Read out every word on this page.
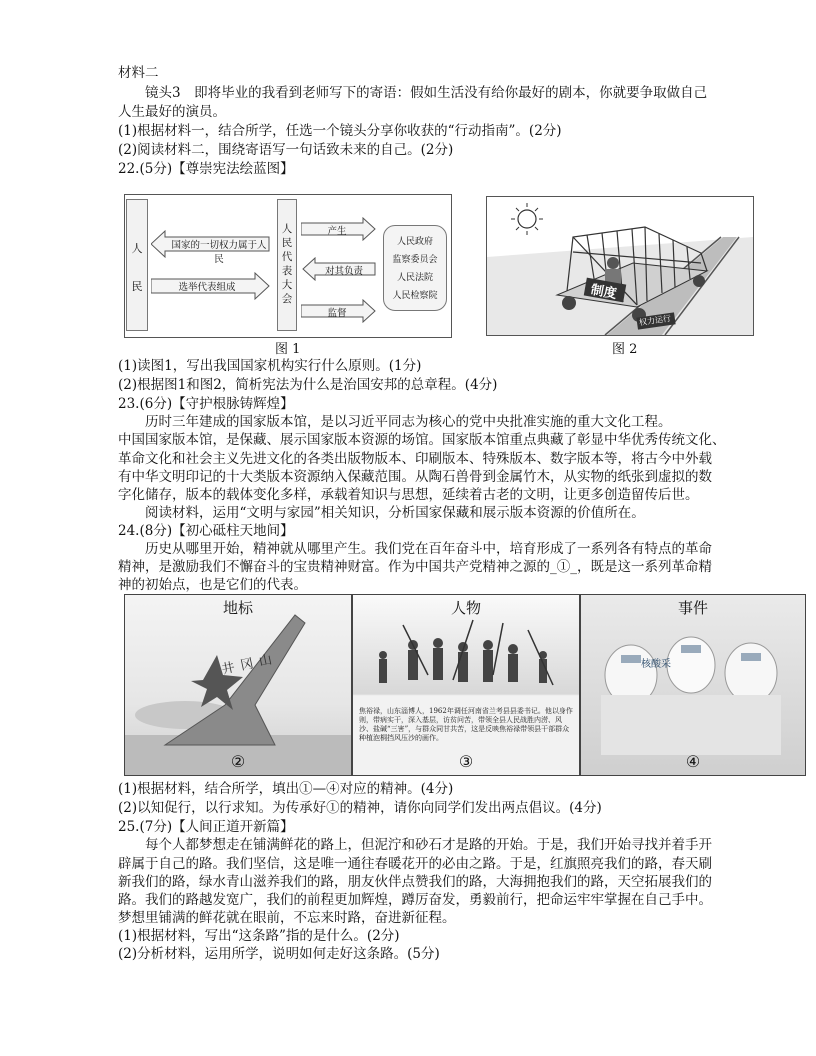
材料二
镜头3　即将毕业的我看到老师写下的寄语：假如生活没有给你最好的剧本，你就要争取做自己
人生最好的演员。
(1)根据材料一，结合所学，任选一个镜头分享你收获的“行动指南”。(2分)
(2)阅读材料二，围绕寄语写一句话致未来的自己。(2分)
22.(5分)【尊崇宪法绘蓝图】
人
民
国家的一切权力属于人民
选举代表组成
人民代表大会
产生
对其负责
监督
人民政府
监察委员会
人民法院
人民检察院
图 1
制度
权力运行
图 2
(1)读图1，写出我国国家机构实行什么原则。(1分)
(2)根据图1和图2，简析宪法为什么是治国安邦的总章程。(4分)
23.(6分)【守护根脉铸辉煌】
历时三年建成的国家版本馆，是以习近平同志为核心的党中央批准实施的重大文化工程。
中国国家版本馆，是保藏、展示国家版本资源的场馆。国家版本馆重点典藏了彰显中华优秀传统文化、
革命文化和社会主义先进文化的各类出版物版本、印刷版本、特殊版本、数字版本等，将古今中外载
有中华文明印记的十大类版本资源纳入保藏范围。从陶石兽骨到金属竹木，从实物的纸张到虚拟的数
字化储存，版本的载体变化多样，承载着知识与思想，延续着古老的文明，让更多创造留传后世。
阅读材料，运用“文明与家园”相关知识，分析国家保藏和展示版本资源的价值所在。
24.(8分)【初心砥柱天地间】
历史从哪里开始，精神就从哪里产生。我们党在百年奋斗中，培育形成了一系列各有特点的革命
精神，是激励我们不懈奋斗的宝贵精神财富。作为中国共产党精神之源的_①_，既是这一系列革命精
神的初始点，也是它们的代表。
地标
井冈山
②
人物
焦裕禄，山东淄博人，1962年调任河南省兰考县县委书记。他以身作则，带病实干，深入基层，访贫问苦，带领全县人民战胜内涝、风沙、盐碱“三害”，与群众同甘共苦，这是反映焦裕禄带领县干部群众种植泡桐挡风压沙的画作。
③
事件
核酸采
④
(1)根据材料，结合所学，填出①—④对应的精神。(4分)
(2)以知促行，以行求知。为传承好①的精神，请你向同学们发出两点倡议。(4分)
25.(7分)【人间正道开新篇】
每个人都梦想走在铺满鲜花的路上，但泥泞和砂石才是路的开始。于是，我们开始寻找并着手开
辟属于自己的路。我们坚信，这是唯一通往春暖花开的必由之路。于是，红旗照亮我们的路，春天刷
新我们的路，绿水青山滋养我们的路，朋友伙伴点赞我们的路，大海拥抱我们的路，天空拓展我们的
路。我们的路越发宽广，我们的前程更加辉煌，蹲厉奋发，勇毅前行，把命运牢牢掌握在自己手中。
梦想里铺满的鲜花就在眼前，不忘来时路，奋进新征程。
(1)根据材料，写出“这条路”指的是什么。(2分)
(2)分析材料，运用所学，说明如何走好这条路。(5分)
